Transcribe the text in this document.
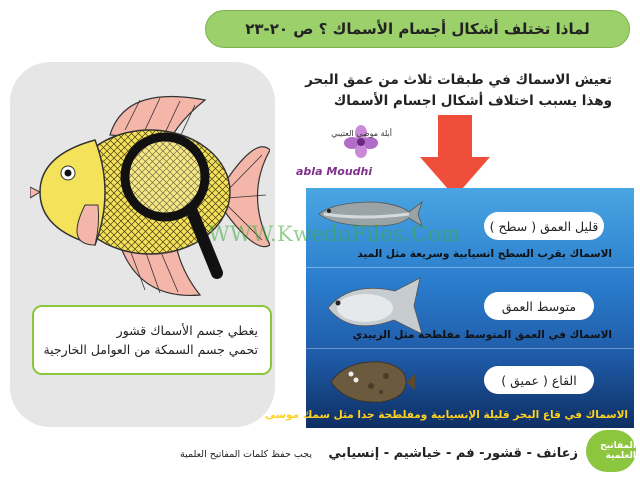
لماذا تختلف أشكال أجسام الأسماك ؟ ص ٢٠-٢٣
يغطي جسم الأسماك قشور
تحمي جسم السمكة من العوامل الخارجية
تعيش الاسماك في طبقات ثلاث من عمق البحر
وهذا يسبب اختلاف أشكال اجسام الأسماك
أبلة موضي العتيبي
abla Moudhi
قليل العمق ( سطح )
الاسماك بقرب السطح انسيابية وسريعة مثل الميد
متوسط العمق
الاسماك في العمق المتوسط مفلطحة مثل الزبيدي
القاع ( عميق )
الاسماك في قاع البحر قليلة الإنسيابية ومفلطحة جدا مثل سمك موسى
WWW.KweduFiles.Com
المفاتيح العلمية
زعانف - قشور- فم - خياشيم - إنسيابي
يجب حفظ كلمات المفاتيح العلمية
